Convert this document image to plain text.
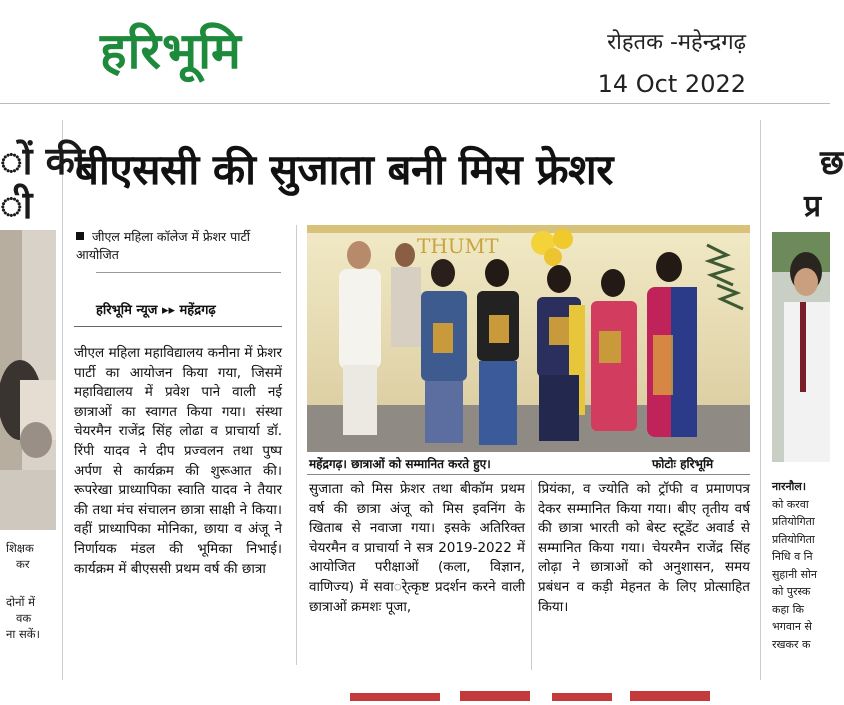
हरिभूमि	रोहतक -महेन्द्रगढ़
14 Oct 2022
ों की
ी
शिक्षक
कर
दोनों में
वक
ना सकें।
छ
प्र
नारनौल।
को करवा
प्रतियोगिता
प्रतियोगिता
निधि व नि
सुहानी सोन
को पुरस्क
कहा कि
भगवान से
रखकर क
बीएससी की सुजाता बनी मिस फ्रेशर
जीएल महिला कॉलेज में फ्रेशर पार्टी आयोजित
हरिभूमि न्यूज ▸▸ महेंद्रगढ़
जीएल महिला महाविद्यालय कनीना में फ्रेशर पार्टी का आयोजन किया गया, जिसमें महाविद्यालय में प्रवेश पाने वाली नई छात्राओं का स्वागत किया गया। संस्था चेयरमैन राजेंद्र सिंह लोढा व प्राचार्या डॉ. रिंपी यादव ने दीप प्रज्वलन तथा पुष्प अर्पण से कार्यक्रम की शुरूआत की। रूपरेखा प्राध्यापिका स्वाति यादव ने तैयार की तथा मंच संचालन छात्रा साक्षी ने किया। वहीं प्राध्यापिका मोनिका, छाया व अंजू ने निर्णायक मंडल की भूमिका निभाई। कार्यक्रम में बीएससी प्रथम वर्ष की छात्रा
सुजाता को मिस फ्रेशर तथा बीकॉम प्रथम वर्ष की छात्रा अंजू को मिस इवनिंग के खिताब से नवाजा गया। इसके अतिरिक्त चेयरमैन व प्राचार्या ने सत्र 2019-2022 में आयोजित परीक्षाओं (कला, विज्ञान, वाणिज्य) में सवार्ेत्कृष्ट प्रदर्शन करने वाली छात्राओं क्रमशः पूजा,
प्रियंका, व ज्योति को ट्रॉफी व प्रमाणपत्र देकर सम्मानित किया गया। बीए तृतीय वर्ष की छात्रा भारती को बेस्ट स्टूडेंट अवार्ड से सम्मानित किया गया। चेयरमैन राजेंद्र सिंह लोढ़ा ने छात्राओं को अनुशासन, समय प्रबंधन व कड़ी मेहनत के लिए प्रोत्साहित किया।
THUMT
महेंद्रगढ़। छात्राओं को सम्मानित करते हुए।	फोटोः हरिभूमि
